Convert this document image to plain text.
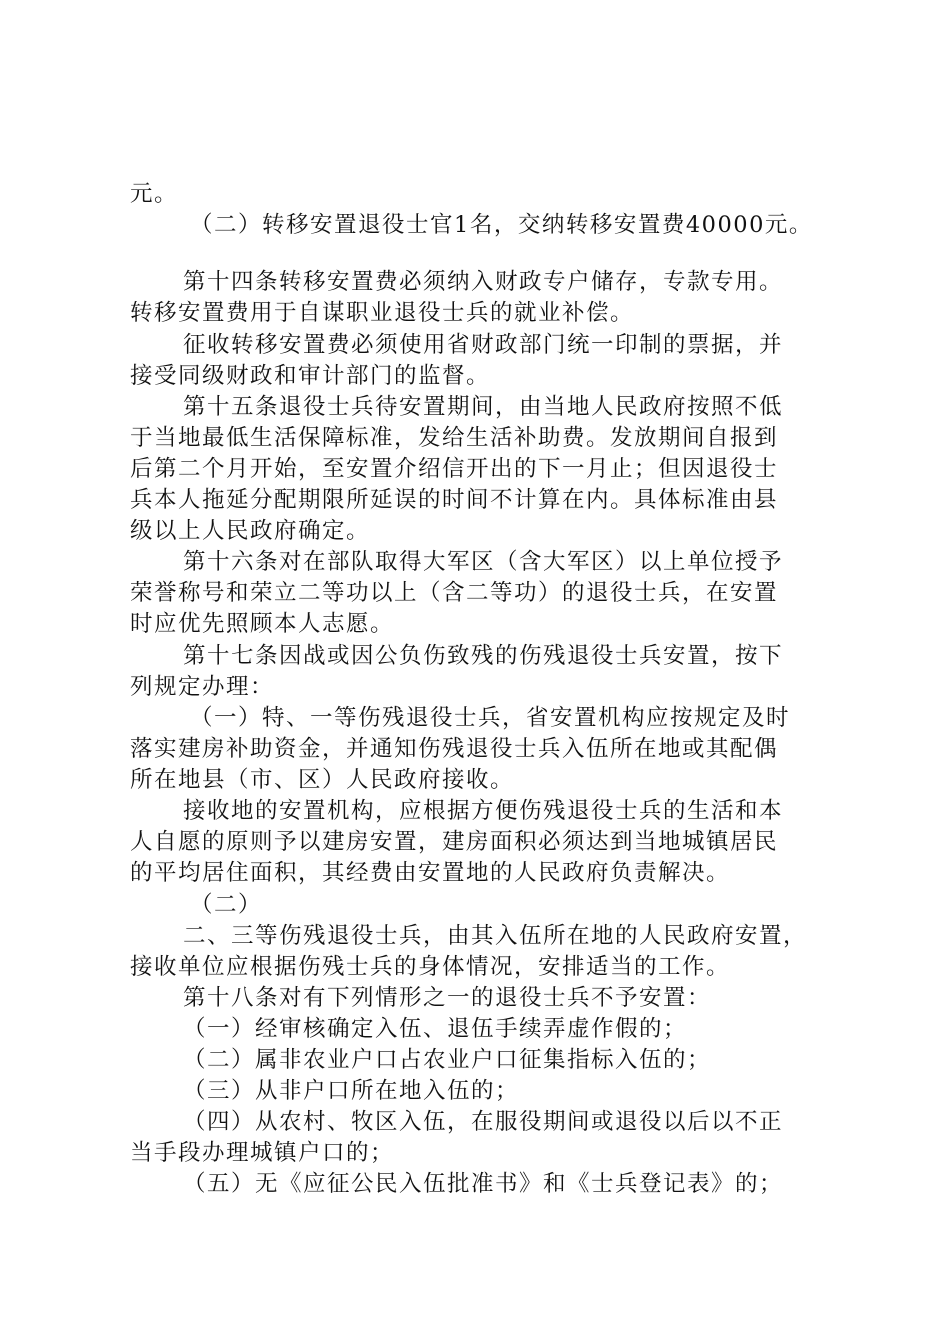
元。

（二）转移安置退役士官1名，交纳转移安置费40000元。

第十四条转移安置费必须纳入财政专户储存，专款专用。

转移安置费用于自谋职业退役士兵的就业补偿。

征收转移安置费必须使用省财政部门统一印制的票据，并

接受同级财政和审计部门的监督。

第十五条退役士兵待安置期间，由当地人民政府按照不低

于当地最低生活保障标准，发给生活补助费。发放期间自报到

后第二个月开始，至安置介绍信开出的下一月止；但因退役士

兵本人拖延分配期限所延误的时间不计算在内。具体标准由县

级以上人民政府确定。

第十六条对在部队取得大军区（含大军区）以上单位授予

荣誉称号和荣立二等功以上（含二等功）的退役士兵，在安置

时应优先照顾本人志愿。

第十七条因战或因公负伤致残的伤残退役士兵安置，按下

列规定办理：

（一）特、一等伤残退役士兵，省安置机构应按规定及时

落实建房补助资金，并通知伤残退役士兵入伍所在地或其配偶

所在地县（市、区）人民政府接收。

接收地的安置机构，应根据方便伤残退役士兵的生活和本

人自愿的原则予以建房安置，建房面积必须达到当地城镇居民

的平均居住面积，其经费由安置地的人民政府负责解决。

（二）

二、三等伤残退役士兵，由其入伍所在地的人民政府安置，

接收单位应根据伤残士兵的身体情况，安排适当的工作。

第十八条对有下列情形之一的退役士兵不予安置：

（一）经审核确定入伍、退伍手续弄虚作假的；

（二）属非农业户口占农业户口征集指标入伍的；

（三）从非户口所在地入伍的；

（四）从农村、牧区入伍，在服役期间或退役以后以不正

当手段办理城镇户口的；

（五）无《应征公民入伍批准书》和《士兵登记表》的；
